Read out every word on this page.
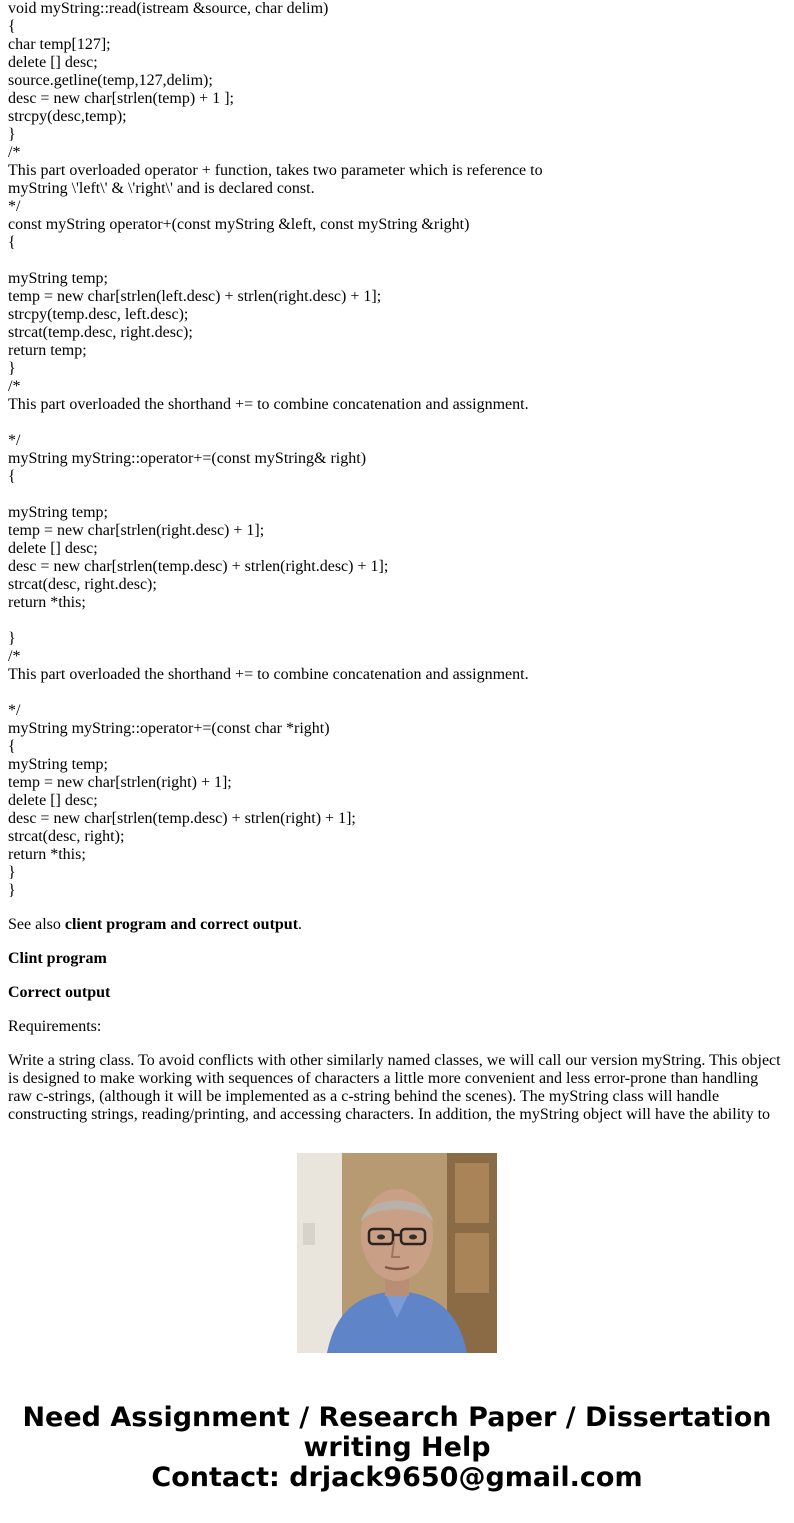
void myString::read(istream &source, char delim)
{
char temp[127];
delete [] desc;
source.getline(temp,127,delim);
desc = new char[strlen(temp) + 1 ];
strcpy(desc,temp);
}
/*
This part overloaded operator + function, takes two parameter which is reference to
myString \'left\' & \'right\' and is declared const.
*/
const myString operator+(const myString &left, const myString &right)
{
myString temp;
temp = new char[strlen(left.desc) + strlen(right.desc) + 1];
strcpy(temp.desc, left.desc);
strcat(temp.desc, right.desc);
return temp;
}
/*
This part overloaded the shorthand += to combine concatenation and assignment.
*/
myString myString::operator+=(const myString& right)
{
myString temp;
temp = new char[strlen(right.desc) + 1];
delete [] desc;
desc = new char[strlen(temp.desc) + strlen(right.desc) + 1];
strcat(desc, right.desc);
return *this;
}
/*
This part overloaded the shorthand += to combine concatenation and assignment.
*/
myString myString::operator+=(const char *right)
{
myString temp;
temp = new char[strlen(right) + 1];
delete [] desc;
desc = new char[strlen(temp.desc) + strlen(right) + 1];
strcat(desc, right);
return *this;
}
}

See also client program and correct output.

Clint program

Correct output

Requirements:

Write a string class. To avoid conflicts with other similarly named classes, we will call our version myString. This object is designed to make working with sequences of characters a little more convenient and less error-prone than handling raw c-strings, (although it will be implemented as a c-string behind the scenes). The myString class will handle constructing strings, reading/printing, and accessing characters. In addition, the myString object will have the ability to

Need Assignment / Research Paper / Dissertation
writing Help
Contact: drjack9650@gmail.com
